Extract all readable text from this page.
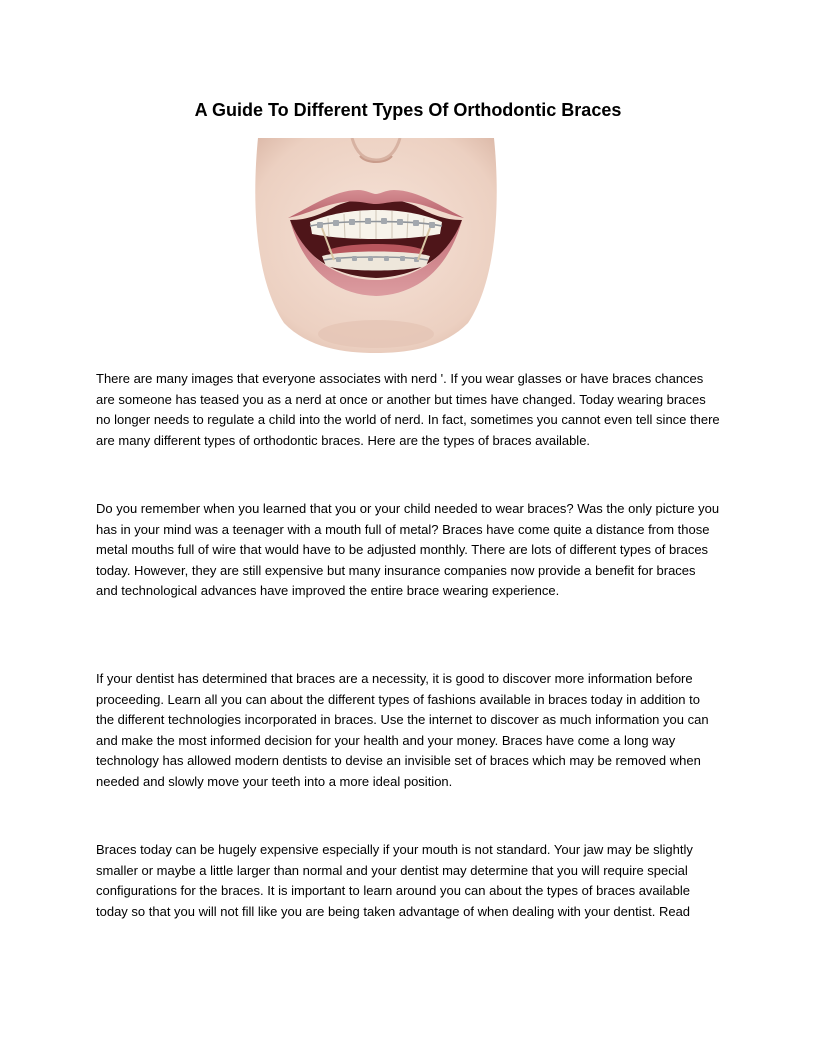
A Guide To Different Types Of Orthodontic Braces

There are many images that everyone associates with nerd '. If you wear glasses or have braces chances are someone has teased you as a nerd at once or another but times have changed. Today wearing braces no longer needs to regulate a child into the world of nerd. In fact, sometimes you cannot even tell since there are many different types of orthodontic braces. Here are the types of braces available.

Do you remember when you learned that you or your child needed to wear braces? Was the only picture you has in your mind was a teenager with a mouth full of metal? Braces have come quite a distance from those metal mouths full of wire that would have to be adjusted monthly. There are lots of different types of braces today. However, they are still expensive but many insurance companies now provide a benefit for braces and technological advances have improved the entire brace wearing experience.

If your dentist has determined that braces are a necessity, it is good to discover more information before proceeding. Learn all you can about the different types of fashions available in braces today in addition to the different technologies incorporated in braces. Use the internet to discover as much information you can and make the most informed decision for your health and your money. Braces have come a long way technology has allowed modern dentists to devise an invisible set of braces which may be removed when needed and slowly move your teeth into a more ideal position.

Braces today can be hugely expensive especially if your mouth is not standard. Your jaw may be slightly smaller or maybe a little larger than normal and your dentist may determine that you will require special configurations for the braces. It is important to learn around you can about the types of braces available today so that you will not fill like you are being taken advantage of when dealing with your dentist. Read
